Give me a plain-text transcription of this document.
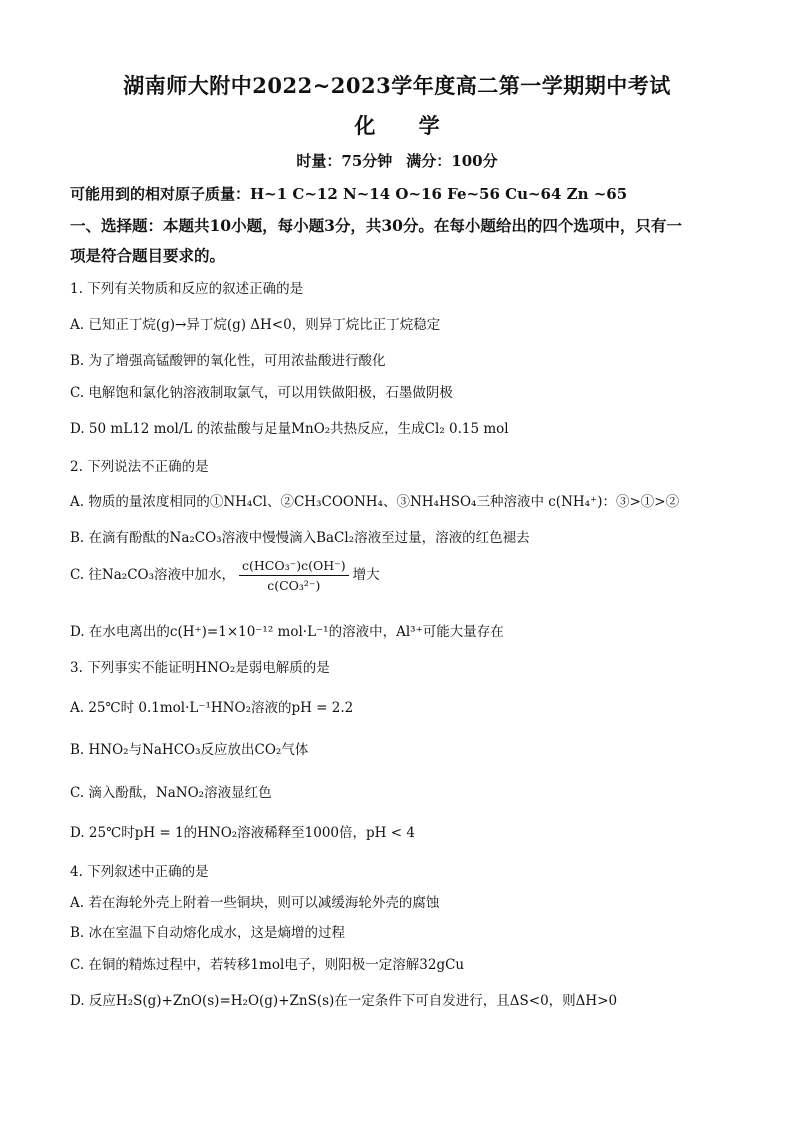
湖南师大附中2022~2023学年度高二第一学期期中考试
化 学
时量：75分钟 满分：100分
可能用到的相对原子质量：H~1 C~12 N~14 O~16 Fe~56 Cu~64 Zn ~65
一、选择题：本题共10小题，每小题3分，共30分。在每小题给出的四个选项中，只有一
项是符合题目要求的。
1. 下列有关物质和反应的叙述正确的是
A. 已知正丁烷(g)→异丁烷(g) ΔH<0，则异丁烷比正丁烷稳定
B. 为了增强高锰酸钾的氧化性，可用浓盐酸进行酸化
C. 电解饱和氯化钠溶液制取氯气，可以用铁做阳极，石墨做阴极
D. 50 mL12 mol/L 的浓盐酸与足量MnO₂共热反应，生成Cl₂ 0.15 mol
2. 下列说法不正确的是
A. 物质的量浓度相同的①NH₄Cl、②CH₃COONH₄、③NH₄HSO₄三种溶液中 c(NH₄⁺)：③>①>②
B. 在滴有酚酞的Na₂CO₃溶液中慢慢滴入BaCl₂溶液至过量，溶液的红色褪去
C. 往Na₂CO₃溶液中加水， $\frac{\text{c(HCO₃⁻)c(OH⁻)}}{\text{c(CO₃²⁻)}}$ 增大
D. 在水电离出的c(H⁺)=1×10⁻¹² mol·L⁻¹的溶液中，Al³⁺可能大量存在
3. 下列事实不能证明HNO₂是弱电解质的是
A. 25℃时 0.1mol·L⁻¹HNO₂溶液的pH = 2.2
B. HNO₂与NaHCO₃反应放出CO₂气体
C. 滴入酚酞，NaNO₂溶液显红色
D. 25℃时pH = 1的HNO₂溶液稀释至1000倍，pH < 4
4. 下列叙述中正确的是
A. 若在海轮外壳上附着一些铜块，则可以减缓海轮外壳的腐蚀
B. 冰在室温下自动熔化成水，这是熵增的过程
C. 在铜的精炼过程中，若转移1mol电子，则阳极一定溶解32gCu
D. 反应H₂S(g)+ZnO(s)=H₂O(g)+ZnS(s)在一定条件下可自发进行，且ΔS<0，则ΔH>0
